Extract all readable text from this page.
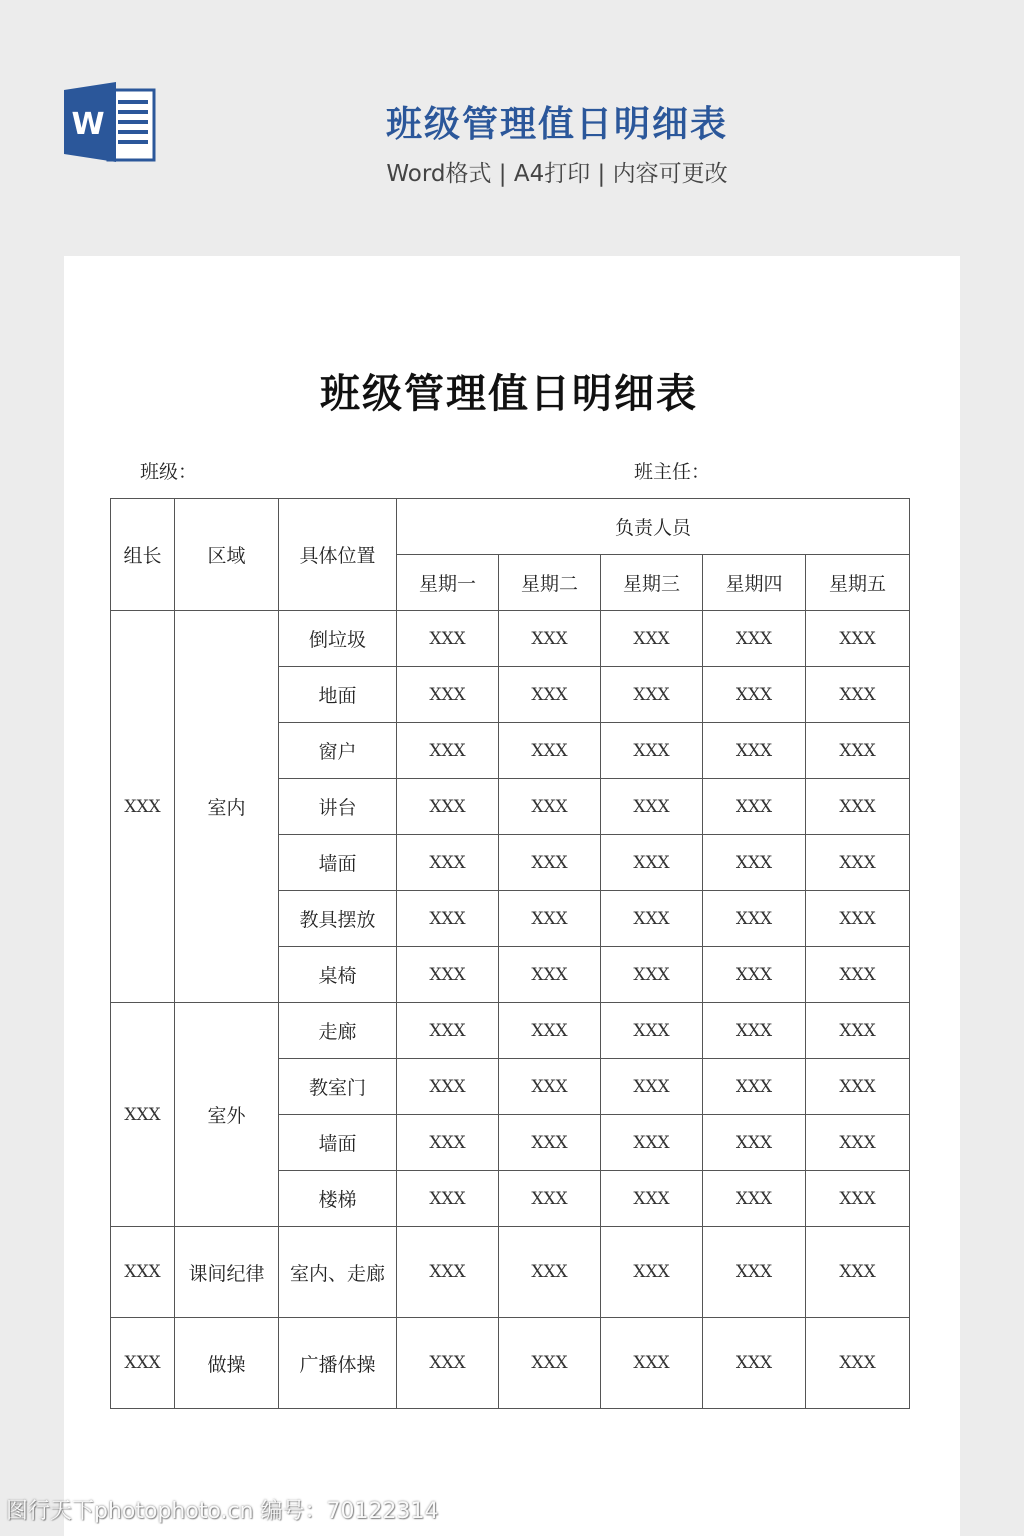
W	班级管理值日明细表
Word格式 | A4打印 | 内容可更改
班级管理值日明细表
班级：	班主任：
组长	区域	具体位置	负责人员				
			星期一	星期二	星期三	星期四	星期五
XXX	室内	倒垃圾	XXX	XXX	XXX	XXX	XXX
		地面	XXX	XXX	XXX	XXX	XXX
		窗户	XXX	XXX	XXX	XXX	XXX
		讲台	XXX	XXX	XXX	XXX	XXX
		墙面	XXX	XXX	XXX	XXX	XXX
		教具摆放	XXX	XXX	XXX	XXX	XXX
		桌椅	XXX	XXX	XXX	XXX	XXX
XXX	室外	走廊	XXX	XXX	XXX	XXX	XXX
		教室门	XXX	XXX	XXX	XXX	XXX
		墙面	XXX	XXX	XXX	XXX	XXX
		楼梯	XXX	XXX	XXX	XXX	XXX
XXX	课间纪律	室内、走廊	XXX	XXX	XXX	XXX	XXX
XXX	做操	广播体操	XXX	XXX	XXX	XXX	XXX
图行天下photophoto.cn 编号：70122314
